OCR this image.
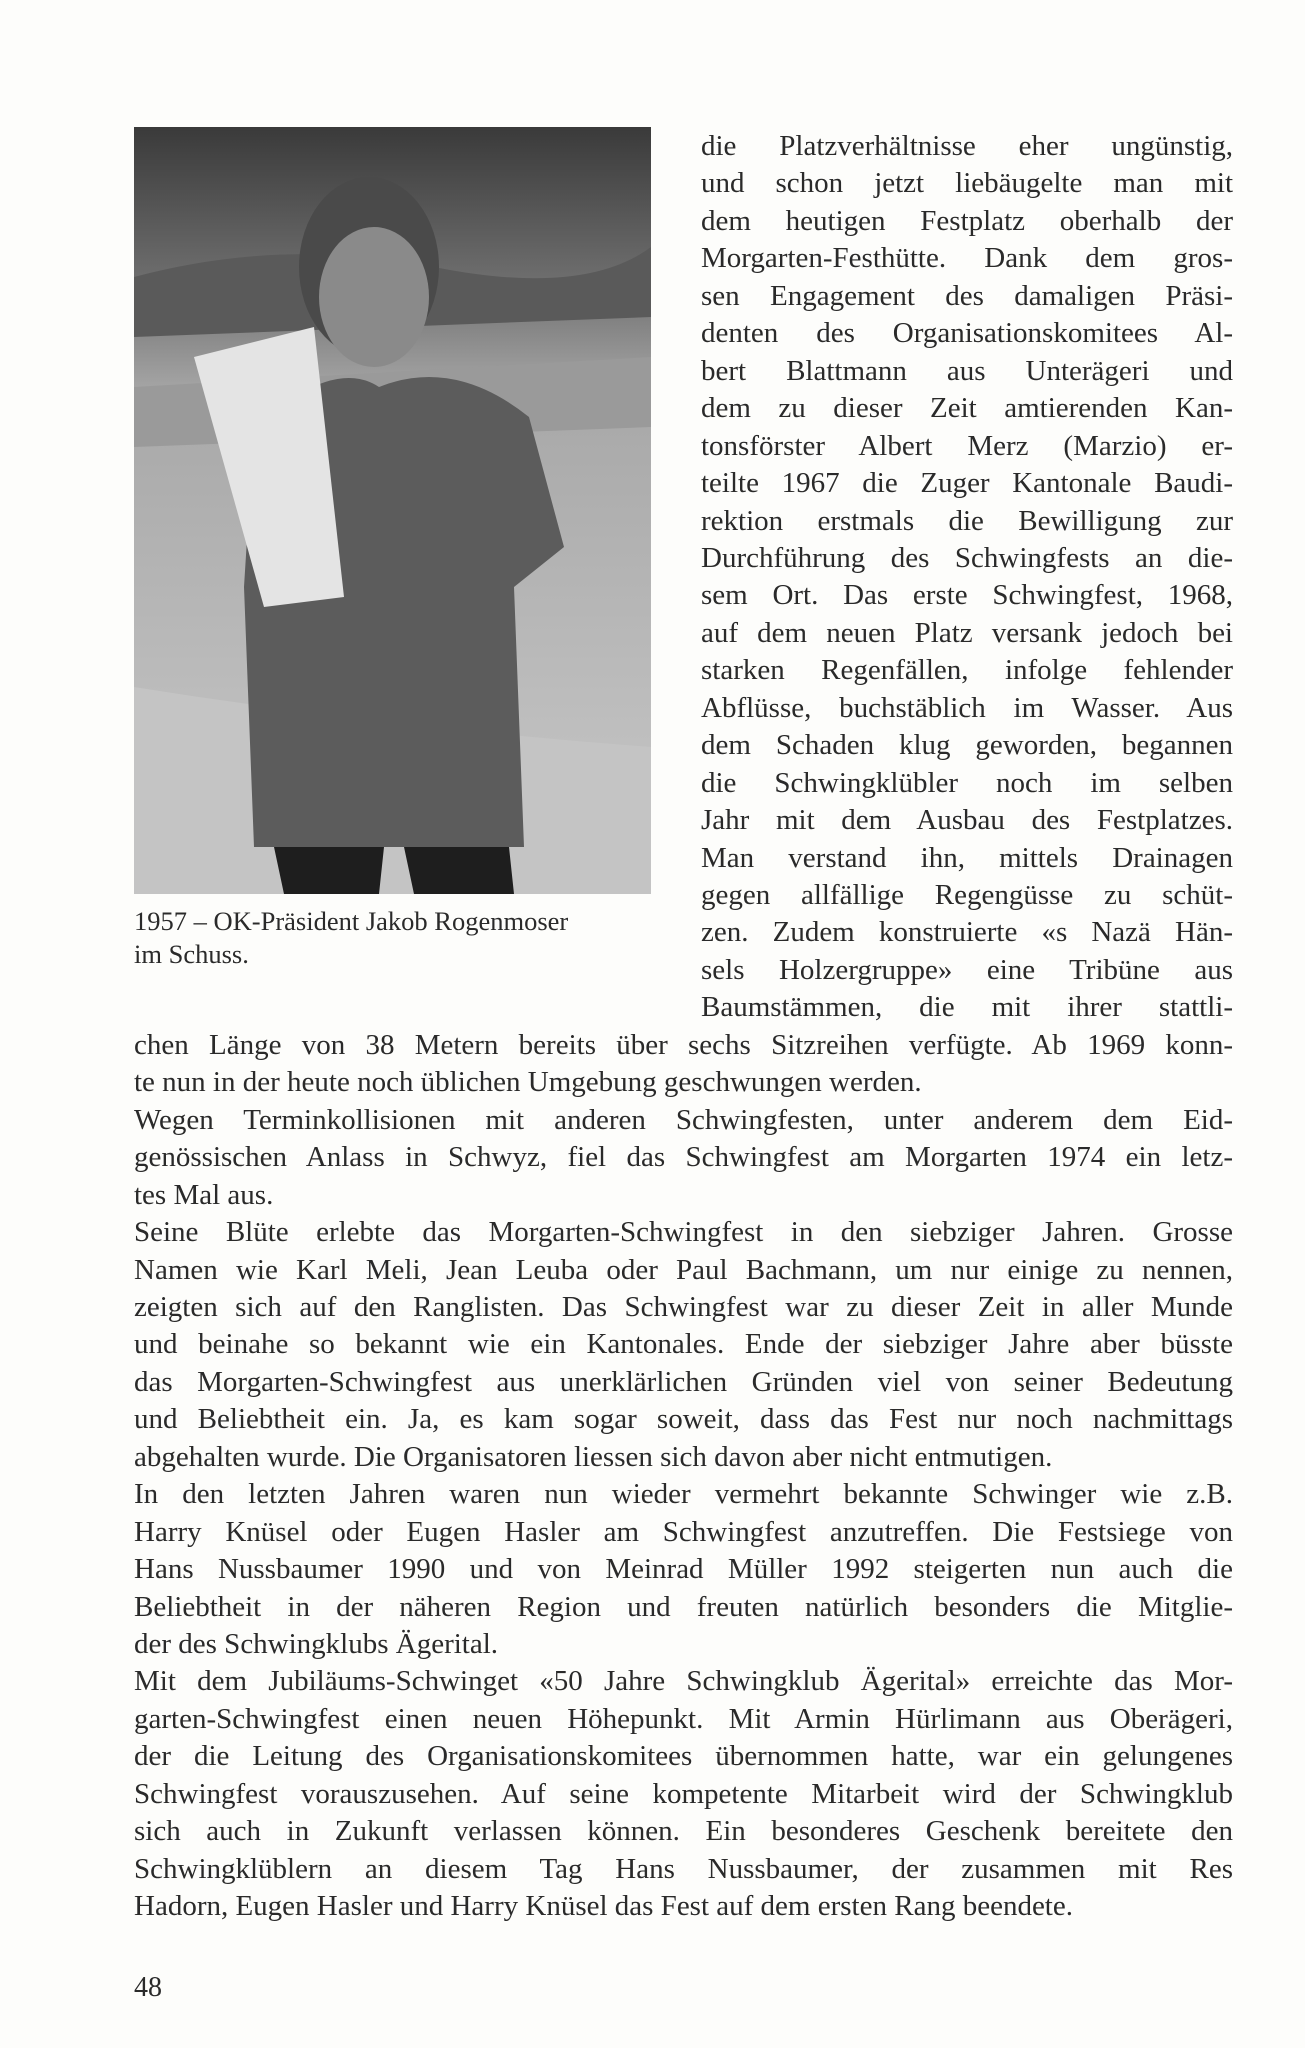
1957 – OK-Präsident Jakob Rogenmoser
im Schuss.
die Platzverhältnisse eher ungünstig,
und schon jetzt liebäugelte man mit
dem heutigen Festplatz oberhalb der
Morgarten-Festhütte. Dank dem gros-
sen Engagement des damaligen Präsi-
denten des Organisationskomitees Al-
bert Blattmann aus Unterägeri und
dem zu dieser Zeit amtierenden Kan-
tonsförster Albert Merz (Marzio) er-
teilte 1967 die Zuger Kantonale Baudi-
rektion erstmals die Bewilligung zur
Durchführung des Schwingfests an die-
sem Ort. Das erste Schwingfest, 1968,
auf dem neuen Platz versank jedoch bei
starken Regenfällen, infolge fehlender
Abflüsse, buchstäblich im Wasser. Aus
dem Schaden klug geworden, begannen
die Schwingklübler noch im selben
Jahr mit dem Ausbau des Festplatzes.
Man verstand ihn, mittels Drainagen
gegen allfällige Regengüsse zu schüt-
zen. Zudem konstruierte «s Nazä Hän-
sels Holzergruppe» eine Tribüne aus
Baumstämmen, die mit ihrer stattli-
chen Länge von 38 Metern bereits über sechs Sitzreihen verfügte. Ab 1969 konn-
te nun in der heute noch üblichen Umgebung geschwungen werden.
Wegen Terminkollisionen mit anderen Schwingfesten, unter anderem dem Eid-
genössischen Anlass in Schwyz, fiel das Schwingfest am Morgarten 1974 ein letz-
tes Mal aus.
Seine Blüte erlebte das Morgarten-Schwingfest in den siebziger Jahren. Grosse
Namen wie Karl Meli, Jean Leuba oder Paul Bachmann, um nur einige zu nennen,
zeigten sich auf den Ranglisten. Das Schwingfest war zu dieser Zeit in aller Munde
und beinahe so bekannt wie ein Kantonales. Ende der siebziger Jahre aber büsste
das Morgarten-Schwingfest aus unerklärlichen Gründen viel von seiner Bedeutung
und Beliebtheit ein. Ja, es kam sogar soweit, dass das Fest nur noch nachmittags
abgehalten wurde. Die Organisatoren liessen sich davon aber nicht entmutigen.
In den letzten Jahren waren nun wieder vermehrt bekannte Schwinger wie z.B.
Harry Knüsel oder Eugen Hasler am Schwingfest anzutreffen. Die Festsiege von
Hans Nussbaumer 1990 und von Meinrad Müller 1992 steigerten nun auch die
Beliebtheit in der näheren Region und freuten natürlich besonders die Mitglie-
der des Schwingklubs Ägerital.
Mit dem Jubiläums-Schwinget «50 Jahre Schwingklub Ägerital» erreichte das Mor-
garten-Schwingfest einen neuen Höhepunkt. Mit Armin Hürlimann aus Oberägeri,
der die Leitung des Organisationskomitees übernommen hatte, war ein gelungenes
Schwingfest vorauszusehen. Auf seine kompetente Mitarbeit wird der Schwingklub
sich auch in Zukunft verlassen können. Ein besonderes Geschenk bereitete den
Schwingklüblern an diesem Tag Hans Nussbaumer, der zusammen mit Res
Hadorn, Eugen Hasler und Harry Knüsel das Fest auf dem ersten Rang beendete.
48
